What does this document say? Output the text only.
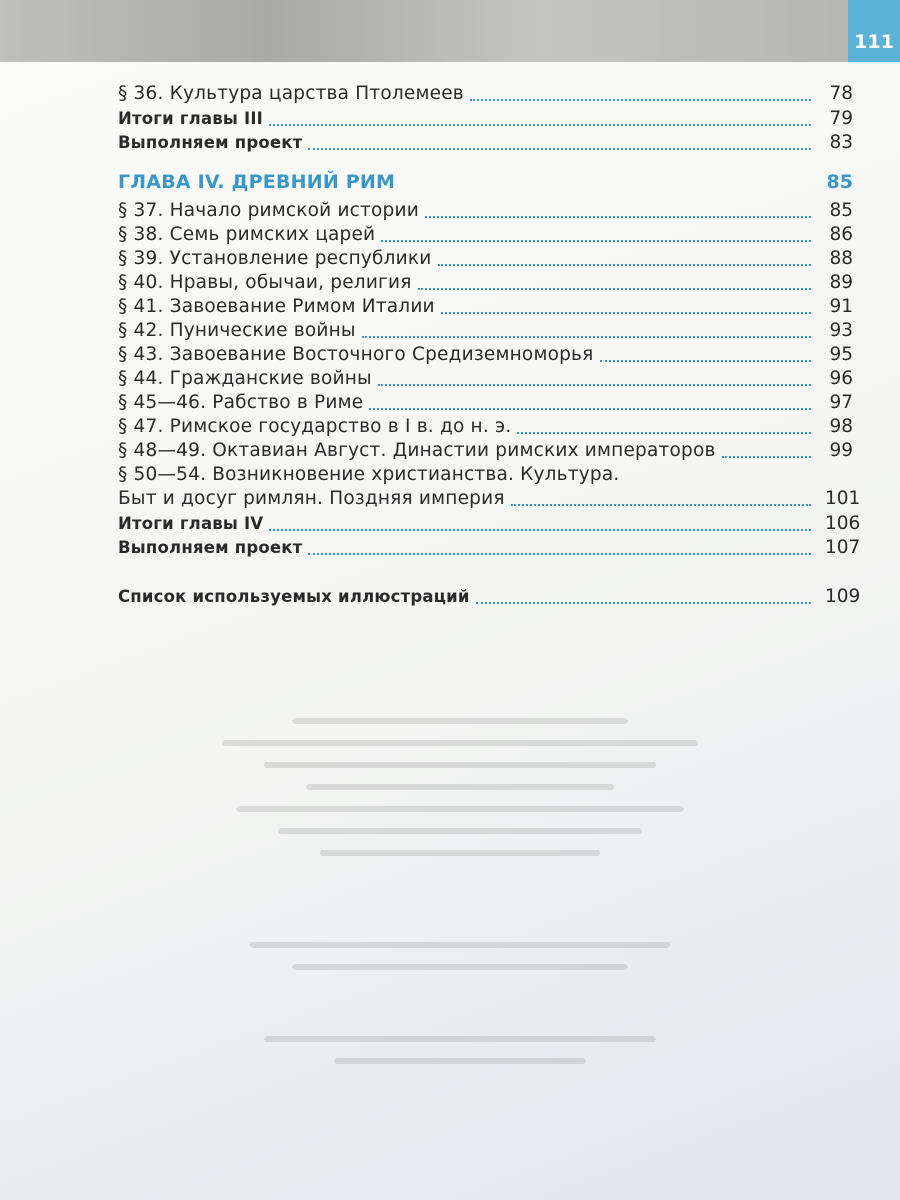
111
§ 36. Культура царства Птолемеев	78
Итоги главы III	79
Выполняем проект	83
ГЛАВА IV. ДРЕВНИЙ РИМ	85
§ 37. Начало римской истории	85
§ 38. Семь римских царей	86
§ 39. Установление республики	88
§ 40. Нравы, обычаи, религия	89
§ 41. Завоевание Римом Италии	91
§ 42. Пунические войны	93
§ 43. Завоевание Восточного Средиземноморья	95
§ 44. Гражданские войны	96
§ 45—46. Рабство в Риме	97
§ 47. Римское государство в I в. до н. э.	98
§ 48—49. Октавиан Август. Династии римских императоров	99
§ 50—54. Возникновение христианства. Культура.
Быт и досуг римлян. Поздняя империя	101
Итоги главы IV	106
Выполняем проект	107
Список используемых иллюстраций	109
